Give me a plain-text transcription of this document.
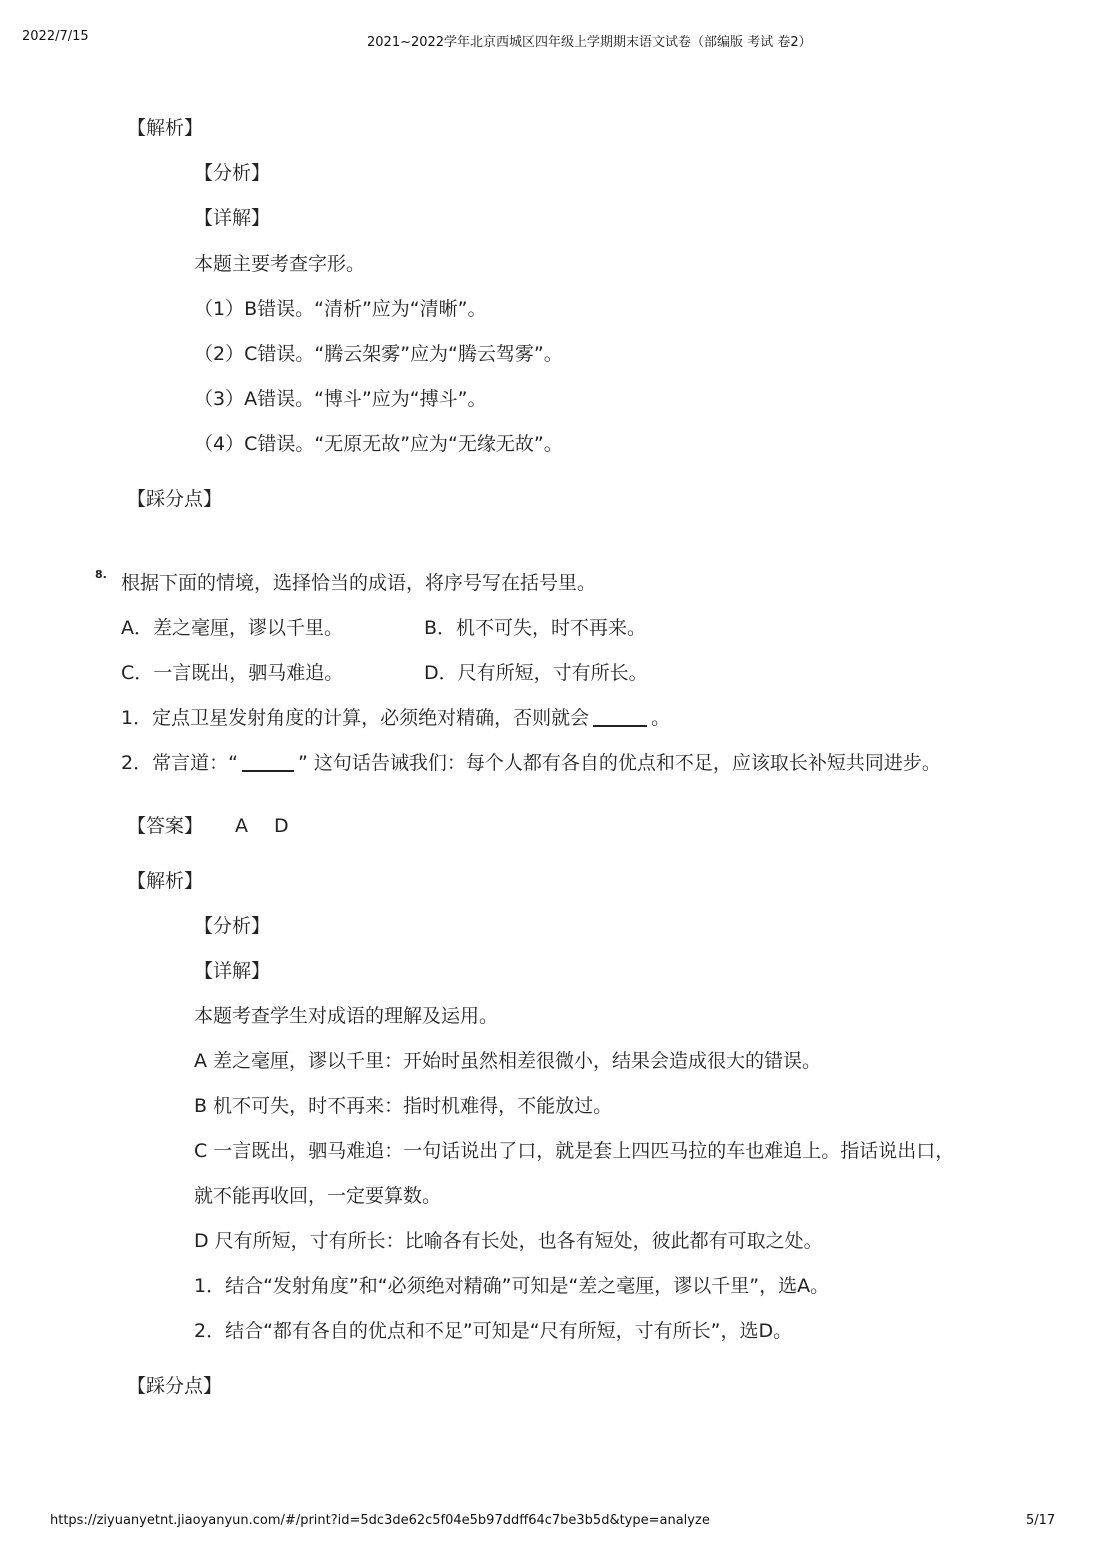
2022/7/15	2021~2022学年北京西城区四年级上学期期末语文试卷（部编版 考试 卷2）
【解析】
【分析】
【详解】
本题主要考查字形。
（1）B错误。“清析”应为“清晰”。
（2）C错误。“腾云架雾”应为“腾云驾雾”。
（3）A错误。“博斗”应为“搏斗”。
（4）C错误。“无原无故”应为“无缘无故”。
【踩分点】
8. 根据下面的情境，选择恰当的成语，将序号写在括号里。
A．差之毫厘，谬以千里。	B．机不可失，时不再来。
C．一言既出，驷马难追。	D．尺有所短，寸有所长。
1．定点卫星发射角度的计算，必须绝对精确，否则就会	。
2．常言道：“	” 这句话告诫我们：每个人都有各自的优点和不足，应该取长补短共同进步。
【答案】 A D
【解析】
【分析】
【详解】
本题考查学生对成语的理解及运用。
A 差之毫厘，谬以千里：开始时虽然相差很微小，结果会造成很大的错误。
B 机不可失，时不再来：指时机难得，不能放过。
C 一言既出，驷马难追：一句话说出了口，就是套上四匹马拉的车也难追上。指话说出口，
就不能再收回，一定要算数。
D 尺有所短，寸有所长：比喻各有长处，也各有短处，彼此都有可取之处。
1．结合“发射角度”和“必须绝对精确”可知是“差之毫厘，谬以千里”，选A。
2．结合“都有各自的优点和不足”可知是“尺有所短，寸有所长”，选D。
【踩分点】
https://ziyuanyetnt.jiaoyanyun.com/#/print?id=5dc3de62c5f04e5b97ddff64c7be3b5d&type=analyze	5/17
